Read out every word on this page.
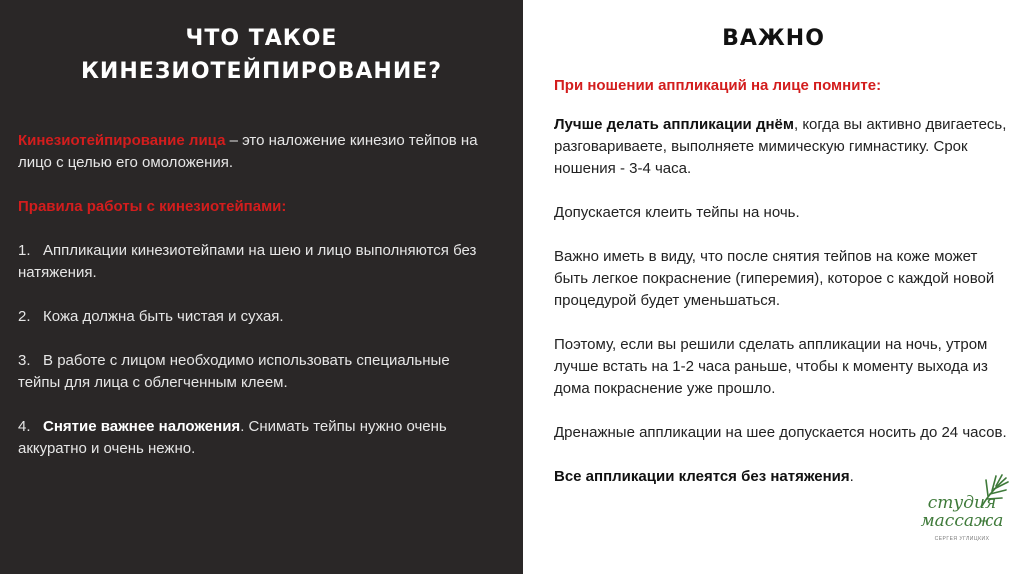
ЧТО ТАКОЕ
КИНЕЗИОТЕЙПИРОВАНИЕ?

Кинезиотейпирование лица – это наложение кинезио тейпов на лицо с целью его омоложения.

Правила работы с кинезиотейпами:

1. Аппликации кинезиотейпами на шею и лицо выполняются без натяжения.

2. Кожа должна быть чистая и сухая.

3. В работе с лицом необходимо использовать специальные тейпы для лица с облегченным клеем.

4. Снятие важнее наложения. Снимать тейпы нужно очень аккуратно и очень нежно.

ВАЖНО

При ношении аппликаций на лице помните:

Лучше делать аппликации днём, когда вы активно двигаетесь, разговариваете, выполняете мимическую гимнастику. Срок ношения - 3-4 часа.

Допускается клеить тейпы на ночь.

Важно иметь в виду, что после снятия тейпов на коже может быть легкое покраснение (гиперемия), которое с каждой новой процедурой будет уменьшаться.

Поэтому, если вы решили сделать аппликации на ночь, утром лучше встать на 1-2 часа раньше, чтобы к моменту выхода из дома покраснение уже прошло.

Дренажные аппликации на шее допускается носить до 24 часов.

Все аппликации клеятся без натяжения.

студия
массажа
СЕРГЕЯ УГЛИЦКИХ
